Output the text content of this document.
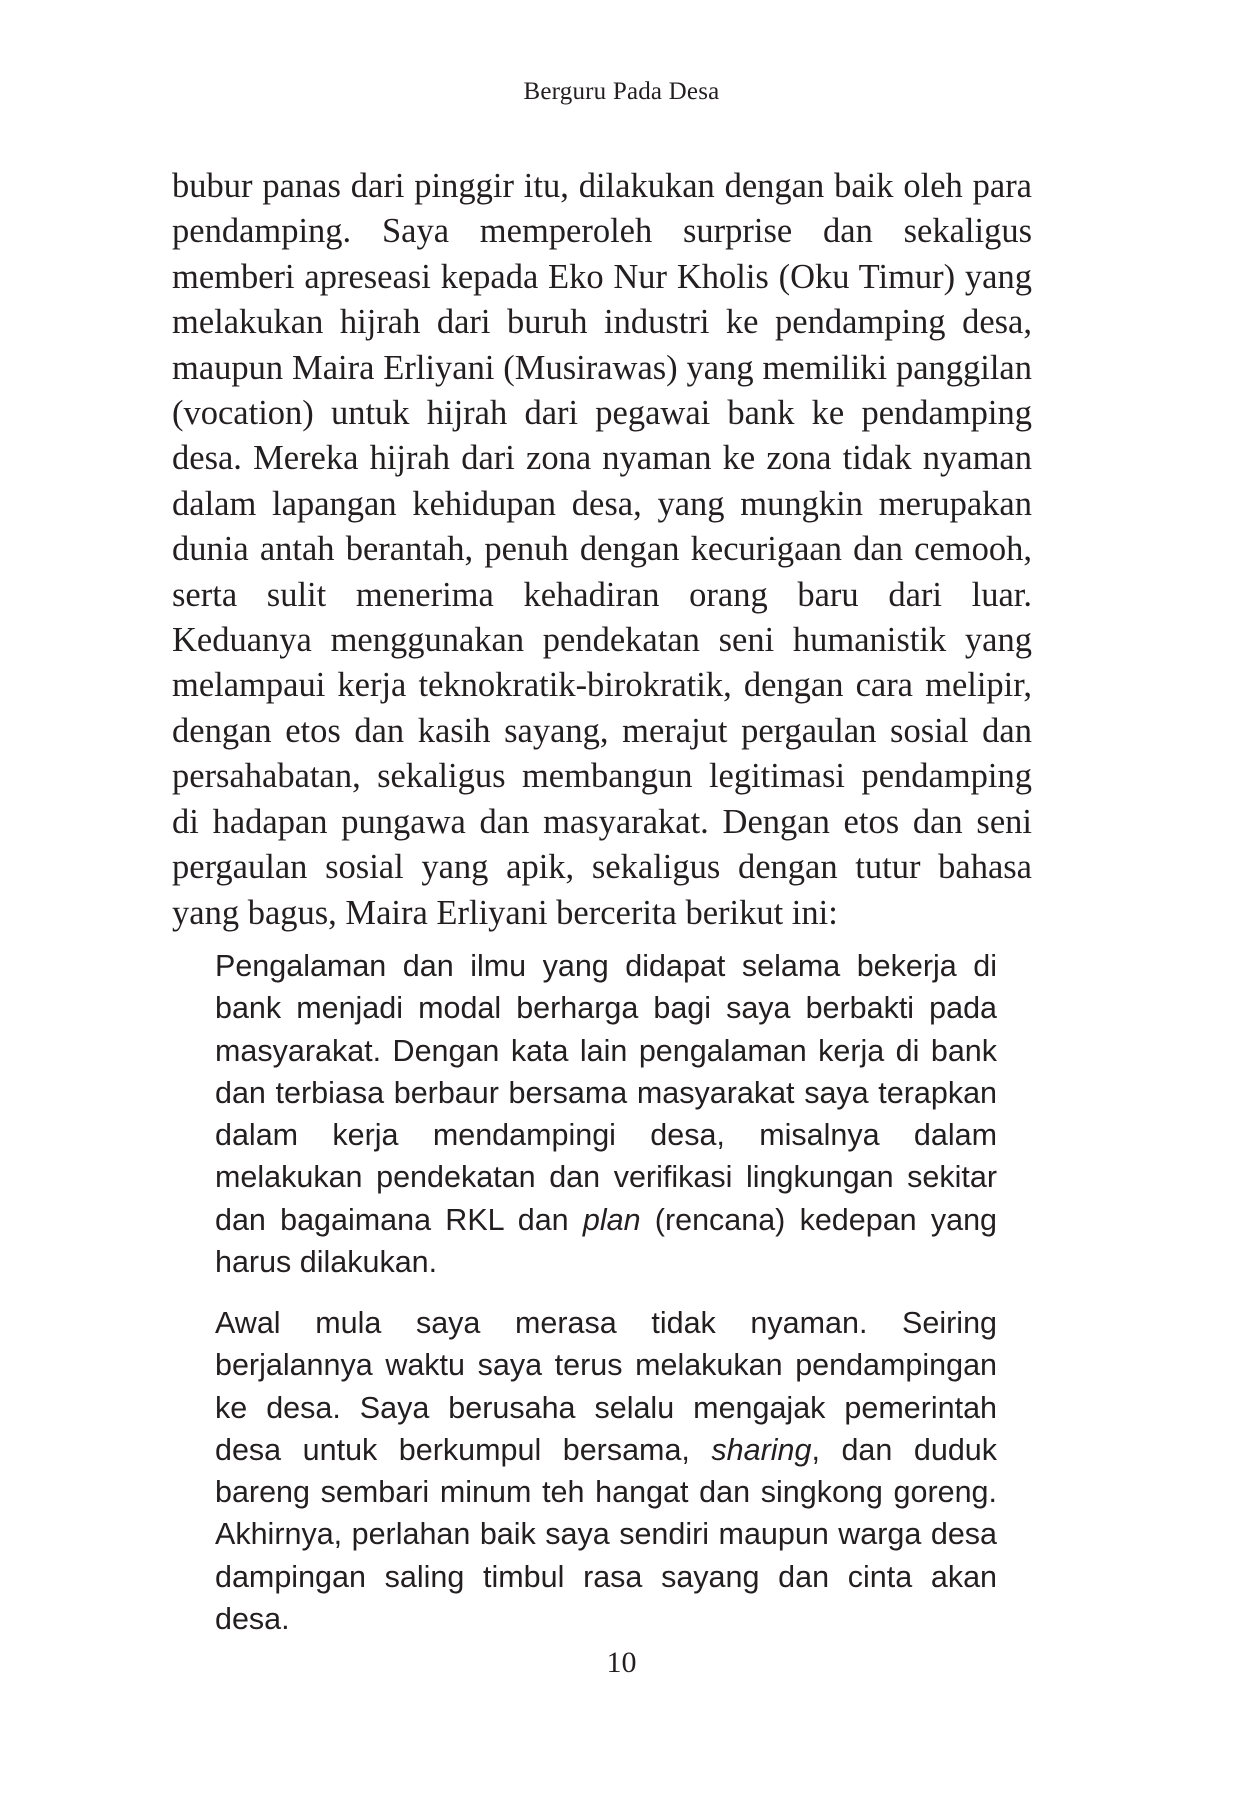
Berguru Pada Desa

bubur panas dari pinggir itu, dilakukan dengan baik oleh para pendamping. Saya memperoleh surprise dan sekaligus memberi apreseasi kepada Eko Nur Kholis (Oku Timur) yang melakukan hijrah dari buruh industri ke pendamping desa, maupun Maira Erliyani (Musirawas) yang memiliki panggilan (vocation) untuk hijrah dari pegawai bank ke pendamping desa. Mereka hijrah dari zona nyaman ke zona tidak nyaman dalam lapangan kehidupan desa, yang mungkin merupakan dunia antah berantah, penuh dengan kecurigaan dan cemooh, serta sulit menerima kehadiran orang baru dari luar. Keduanya menggunakan pendekatan seni humanistik yang melampaui kerja teknokratik-birokratik, dengan cara melipir, dengan etos dan kasih sayang, merajut pergaulan sosial dan persahabatan, sekaligus membangun legitimasi pendamping di hadapan pungawa dan masyarakat. Dengan etos dan seni pergaulan sosial yang apik, sekaligus dengan tutur bahasa yang bagus, Maira Erliyani bercerita berikut ini:

Pengalaman dan ilmu yang didapat selama bekerja di bank menjadi modal berharga bagi saya berbakti pada masyarakat. Dengan kata lain pengalaman kerja di bank dan terbiasa berbaur bersama masyarakat saya terapkan dalam kerja mendampingi desa, misalnya dalam melakukan pendekatan dan verifikasi lingkungan sekitar dan bagaimana RKL dan plan (rencana) kedepan yang harus dilakukan.

Awal mula saya merasa tidak nyaman. Seiring berjalannya waktu saya terus melakukan pendampingan ke desa. Saya berusaha selalu mengajak pemerintah desa untuk berkumpul bersama, sharing, dan duduk bareng sembari minum teh hangat dan singkong goreng. Akhirnya, perlahan baik saya sendiri maupun warga desa dampingan saling timbul rasa sayang dan cinta akan desa.

10
